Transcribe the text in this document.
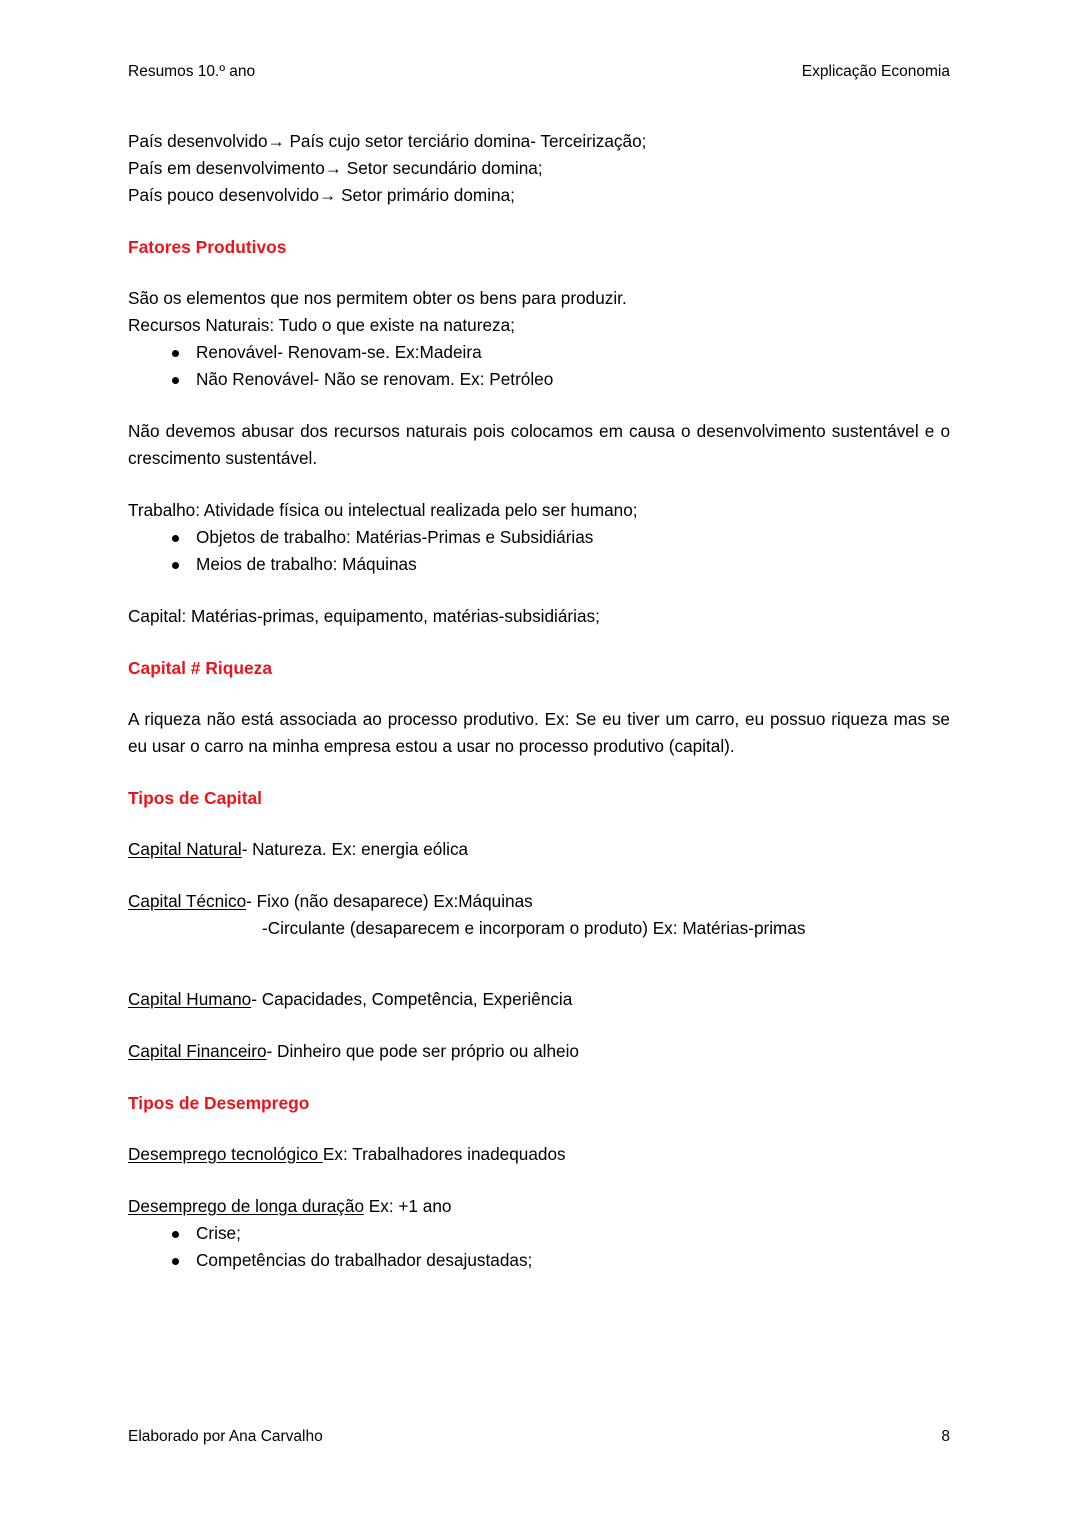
Resumos 10.º ano	Explicação Economia
País desenvolvido→ País cujo setor terciário domina- Terceirização;
País em desenvolvimento→ Setor secundário domina;
País pouco desenvolvido→ Setor primário domina;
Fatores Produtivos
São os elementos que nos permitem obter os bens para produzir.
Recursos Naturais: Tudo o que existe na natureza;
Renovável- Renovam-se. Ex:Madeira
Não Renovável- Não se renovam. Ex: Petróleo

Não devemos abusar dos recursos naturais pois colocamos em causa o desenvolvimento sustentável e o crescimento sustentável.

Trabalho: Atividade física ou intelectual realizada pelo ser humano;
Objetos de trabalho: Matérias-Primas e Subsidiárias
Meios de trabalho: Máquinas
Capital: Matérias-primas, equipamento, matérias-subsidiárias;
Capital # Riqueza

A riqueza não está associada ao processo produtivo. Ex: Se eu tiver um carro, eu possuo riqueza mas se eu usar o carro na minha empresa estou a usar no processo produtivo (capital).

Tipos de Capital
Capital Natural- Natureza. Ex: energia eólica
Capital Técnico- Fixo (não desaparece) Ex:Máquinas
-Circulante (desaparecem e incorporam o produto) Ex: Matérias-primas
Capital Humano- Capacidades, Competência, Experiência
Capital Financeiro- Dinheiro que pode ser próprio ou alheio
Tipos de Desemprego
Desemprego tecnológico Ex: Trabalhadores inadequados
Desemprego de longa duração Ex: +1 ano
Crise;
Competências do trabalhador desajustadas;
Elaborado por Ana Carvalho	8
